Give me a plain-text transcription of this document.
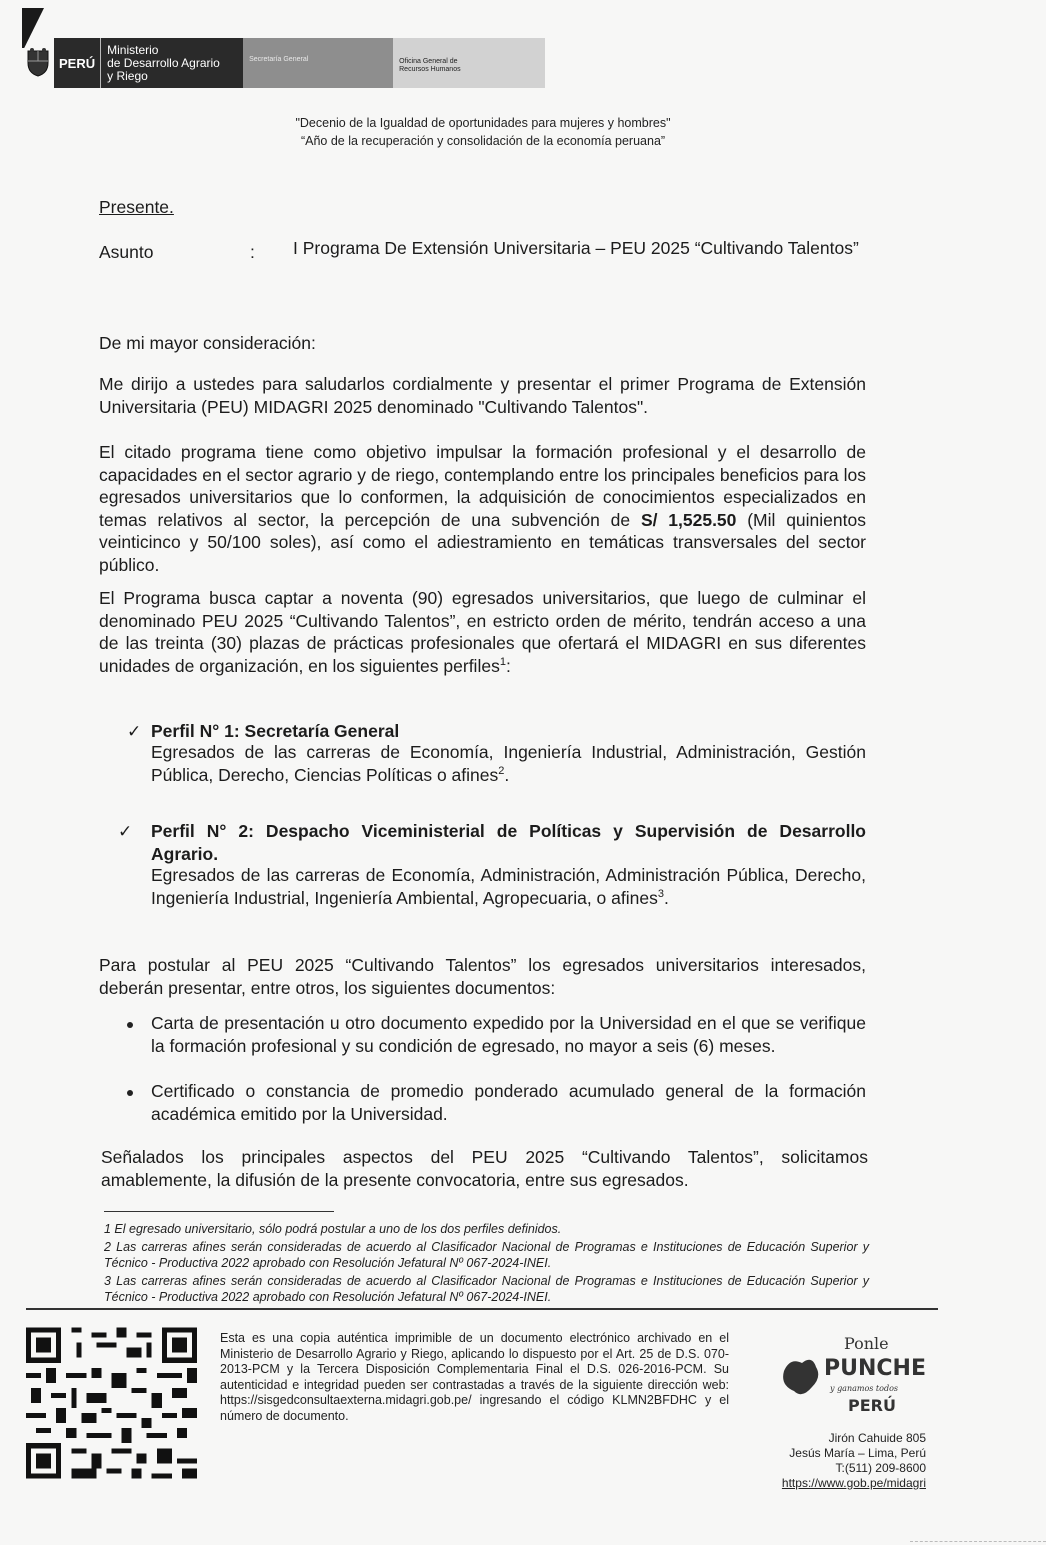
PERÚ
Ministerio
de Desarrollo Agrario
y Riego
Secretaría General	Oficina General de
Recursos Humanos
"Decenio de la Igualdad de oportunidades para mujeres y hombres"
“Año de la recuperación y consolidación de la economía peruana”
Presente.
Asunto	: I Programa De Extensión Universitaria – PEU 2025 “Cultivando Talentos”
De mi mayor consideración:
Me dirijo a ustedes para saludarlos cordialmente y presentar el primer Programa de Extensión Universitaria (PEU) MIDAGRI 2025 denominado "Cultivando Talentos".
El citado programa tiene como objetivo impulsar la formación profesional y el desarrollo de capacidades en el sector agrario y de riego, contemplando entre los principales beneficios para los egresados universitarios que lo conformen, la adquisición de conocimientos especializados en temas relativos al sector, la percepción de una subvención de S/ 1,525.50 (Mil quinientos veinticinco y 50/100 soles), así como el adiestramiento en temáticas transversales del sector público.
El Programa busca captar a noventa (90) egresados universitarios, que luego de culminar el denominado PEU 2025 “Cultivando Talentos”, en estricto orden de mérito, tendrán acceso a una de las treinta (30) plazas de prácticas profesionales que ofertará el MIDAGRI en sus diferentes unidades de organización, en los siguientes perfiles$^1$:
✓ Perfil N° 1: Secretaría General
Egresados de las carreras de Economía, Ingeniería Industrial, Administración, Gestión Pública, Derecho, Ciencias Políticas o afines$^2$.
✓ Perfil N° 2: Despacho Viceministerial de Políticas y Supervisión de Desarrollo Agrario.
Egresados de las carreras de Economía, Administración, Administración Pública, Derecho, Ingeniería Industrial, Ingeniería Ambiental, Agropecuaria, o afines$^3$.
Para postular al PEU 2025 “Cultivando Talentos” los egresados universitarios interesados, deberán presentar, entre otros, los siguientes documentos:
Carta de presentación u otro documento expedido por la Universidad en el que se verifique la formación profesional y su condición de egresado, no mayor a seis (6) meses.
Certificado o constancia de promedio ponderado acumulado general de la formación académica emitido por la Universidad.
Señalados los principales aspectos del PEU 2025 “Cultivando Talentos”, solicitamos amablemente, la difusión de la presente convocatoria, entre sus egresados.
1 El egresado universitario, sólo podrá postular a uno de los dos perfiles definidos.
2 Las carreras afines serán consideradas de acuerdo al Clasificador Nacional de Programas e Instituciones de Educación Superior y Técnico - Productiva 2022 aprobado con Resolución Jefatural Nº 067-2024-INEI.
3 Las carreras afines serán consideradas de acuerdo al Clasificador Nacional de Programas e Instituciones de Educación Superior y Técnico - Productiva 2022 aprobado con Resolución Jefatural Nº 067-2024-INEI.
Esta es una copia auténtica imprimible de un documento electrónico archivado en el Ministerio de Desarrollo Agrario y Riego, aplicando lo dispuesto por el Art. 25 de D.S. 070-2013-PCM y la Tercera Disposición Complementaria Final el D.S. 026-2016-PCM. Su autenticidad e integridad pueden ser contrastadas a través de la siguiente dirección web: https://sisgedconsultaexterna.midagri.gob.pe/ ingresando el código KLMN2BFDHC y el número de documento.
Ponle
PUNCHE
y ganamos todos
PERÚ
Jirón Cahuide 805
Jesús María – Lima, Perú
T:(511) 209-8600
https://www.gob.pe/midagri
